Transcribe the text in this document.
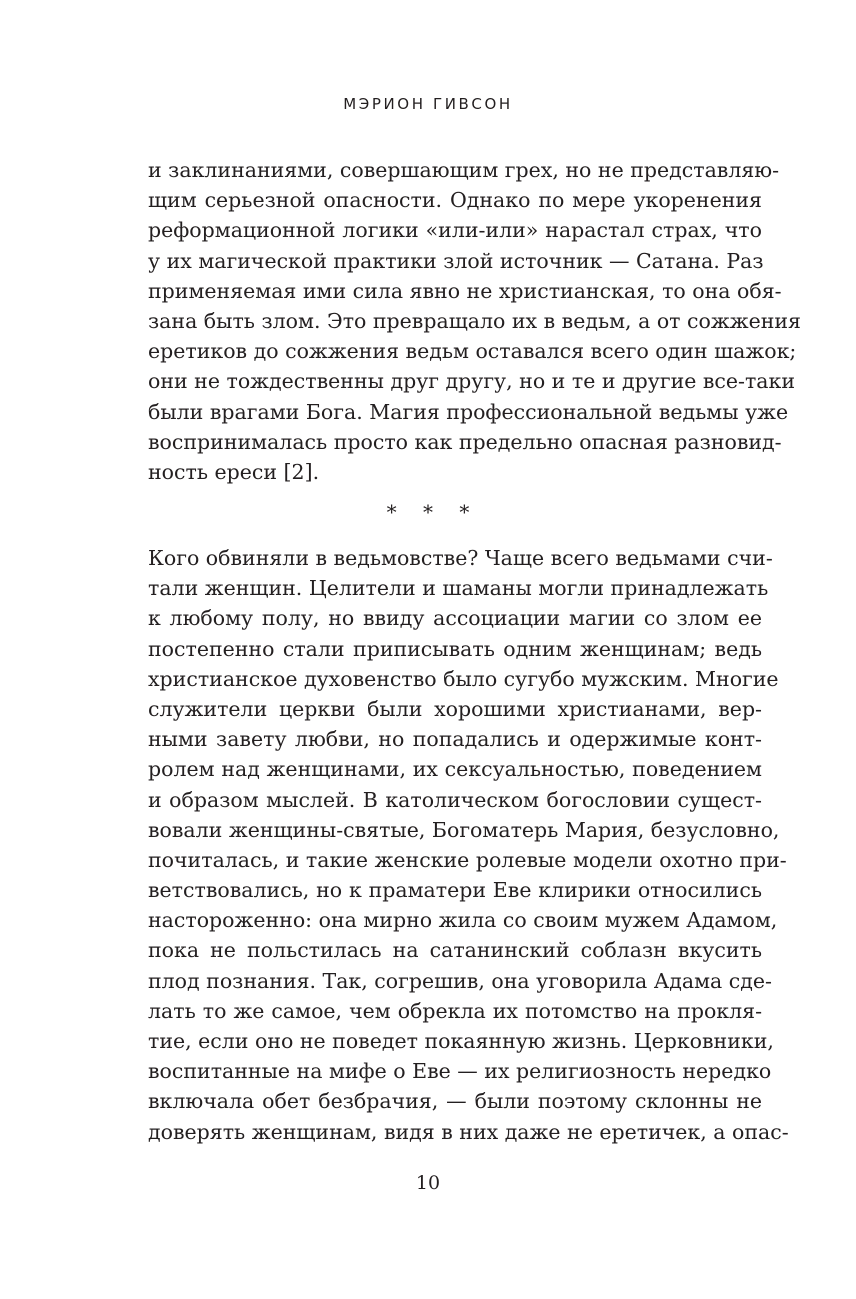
МЭРИОН ГИВСОН
и заклинаниями, совершающим грех, но не представляю-
щим серьезной опасности. Однако по мере укоренения
реформационной логики «или-или» нарастал страх, что
у их магической практики злой источник — Сатана. Раз
применяемая ими сила явно не христианская, то она обя-
зана быть злом. Это превращало их в ведьм, а от сожжения
еретиков до сожжения ведьм оставался всего один шажок;
они не тождественны друг другу, но и те и другие все-таки
были врагами Бога. Магия профессиональной ведьмы уже
воспринималась просто как предельно опасная разновид-
ность ереси [2].
* * *
Кого обвиняли в ведьмовстве? Чаще всего ведьмами счи-
тали женщин. Целители и шаманы могли принадлежать
к любому полу, но ввиду ассоциации магии со злом ее
постепенно стали приписывать одним женщинам; ведь
христианское духовенство было сугубо мужским. Многие
служители церкви были хорошими христианами, вер-
ными завету любви, но попадались и одержимые конт-
ролем над женщинами, их сексуальностью, поведением
и образом мыслей. В католическом богословии сущест-
вовали женщины-святые, Богоматерь Мария, безусловно,
почиталась, и такие женские ролевые модели охотно при-
ветствовались, но к праматери Еве клирики относились
настороженно: она мирно жила со своим мужем Адамом,
пока не польстилась на сатанинский соблазн вкусить
плод познания. Так, согрешив, она уговорила Адама сде-
лать то же самое, чем обрекла их потомство на прокля-
тие, если оно не поведет покаянную жизнь. Церковники,
воспитанные на мифе о Еве — их религиозность нередко
включала обет безбрачия, — были поэтому склонны не
доверять женщинам, видя в них даже не еретичек, а опас-
10
